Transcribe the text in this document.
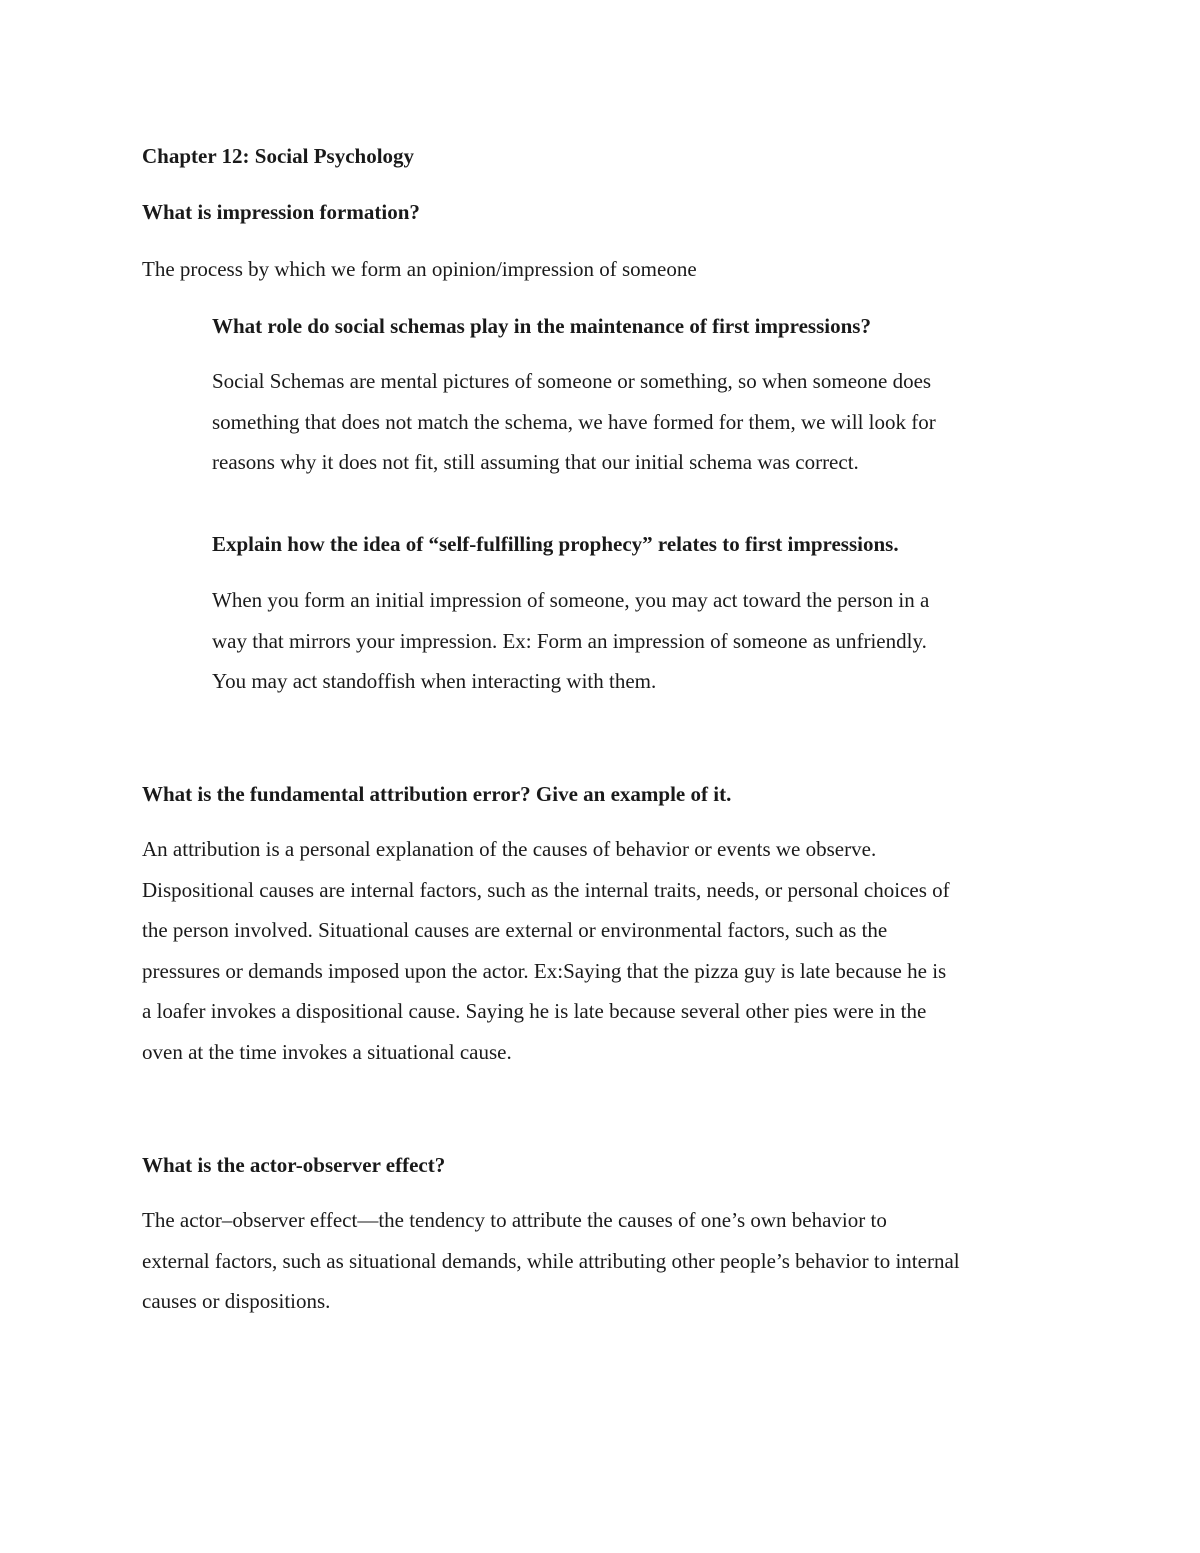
Chapter 12: Social Psychology

What is impression formation?

The process by which we form an opinion/impression of someone

What role do social schemas play in the maintenance of first impressions?

Social Schemas are mental pictures of someone or something, so when someone does
something that does not match the schema, we have formed for them, we will look for
reasons why it does not fit, still assuming that our initial schema was correct.

Explain how the idea of “self-fulfilling prophecy” relates to first impressions.

When you form an initial impression of someone, you may act toward the person in a
way that mirrors your impression. Ex: Form an impression of someone as unfriendly.
You may act standoffish when interacting with them.

What is the fundamental attribution error? Give an example of it.

An attribution is a personal explanation of the causes of behavior or events we observe.
Dispositional causes are internal factors, such as the internal traits, needs, or personal choices of
the person involved. Situational causes are external or environmental factors, such as the
pressures or demands imposed upon the actor. Ex:Saying that the pizza guy is late because he is
a loafer invokes a dispositional cause. Saying he is late because several other pies were in the
oven at the time invokes a situational cause.

What is the actor-observer effect?

The actor–observer effect—the tendency to attribute the causes of one’s own behavior to
external factors, such as situational demands, while attributing other people’s behavior to internal
causes or dispositions.
